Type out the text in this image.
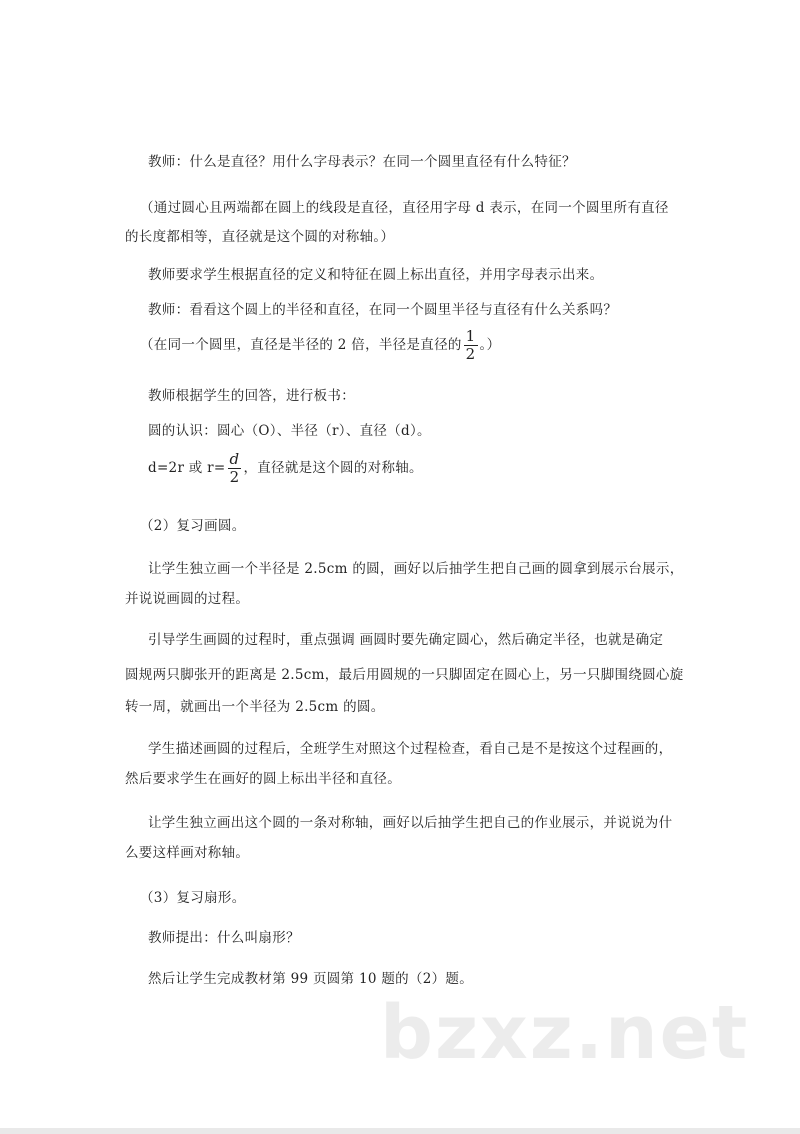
教师：什么是直径？用什么字母表示？在同一个圆里直径有什么特征？
（通过圆心且两端都在圆上的线段是直径，直径用字母 d 表示，在同一个圆里所有直径
的长度都相等，直径就是这个圆的对称轴。）
教师要求学生根据直径的定义和特征在圆上标出直径，并用字母表示出来。
教师：看看这个圆上的半径和直径，在同一个圆里半径与直径有什么关系吗？
（在同一个圆里，直径是半径的 2 倍，半径是直径的 $\frac{1}{2}$ 。）
教师根据学生的回答，进行板书：
圆的认识：圆心（O）、半径（r）、直径（d）。
d=2r 或 $r= \frac{d}{2}$ ，直径就是这个圆的对称轴。
（2）复习画圆。
让学生独立画一个半径是 2.5cm 的圆，画好以后抽学生把自己画的圆拿到展示台展示，
并说说画圆的过程。
引导学生画圆的过程时，重点强调 画圆时要先确定圆心，然后确定半径，也就是确定
圆规两只脚张开的距离是 2.5cm，最后用圆规的一只脚固定在圆心上，另一只脚围绕圆心旋
转一周，就画出一个半径为 2.5cm 的圆。
学生描述画圆的过程后，全班学生对照这个过程检查，看自己是不是按这个过程画的，
然后要求学生在画好的圆上标出半径和直径。
让学生独立画出这个圆的一条对称轴，画好以后抽学生把自己的作业展示，并说说为什
么要这样画对称轴。
（3）复习扇形。
教师提出：什么叫扇形？
然后让学生完成教材第 99 页圆第 10 题的（2）题。
bzxz.net
